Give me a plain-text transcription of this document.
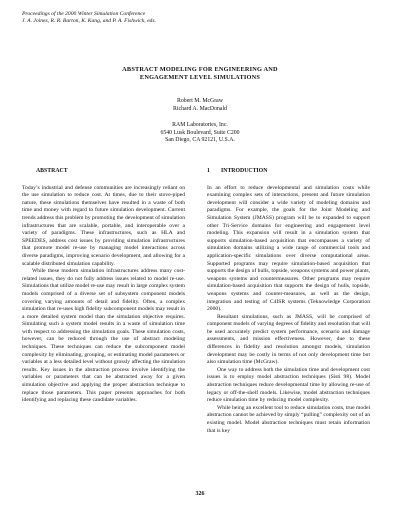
Proceedings of the 2000 Winter Simulation Conference
J. A. Joines, R. R. Barton, K. Kang, and P. A. Fishwick, eds.
ABSTRACT MODELING FOR ENGINEERING AND
ENGAGEMENT LEVEL SIMULATIONS
Robert M. McGraw
Richard A. MacDonald
RAM Laboratories, Inc.
6540 Lusk Boulevard, Suite C200
San Diego, CA 92121, U.S.A.
ABSTRACT

Today’s industrial and defense communities are increasingly reliant on the use simulation to reduce cost. At times, due to their stove-piped nature, these simulations themselves have resulted in a waste of both time and money with regard to future simulation development. Current trends address this problem by promoting the development of simulation infrastructures that are scalable, portable, and interoperable over a variety of paradigms. These infrastructures, such as HLA and SPEEDES, address cost issues by providing simulation infrastructures that promote model re-use by managing model interactions across diverse paradigms, improving scenario development, and allowing for a scalable distributed simulation capability.

While these modern simulation infrastructures address many cost-related issues, they do not fully address issues related to model re-use. Simulations that utilize model re-use may result in large complex system models comprised of a diverse set of subsystem component models covering varying amounts of detail and fidelity. Often, a complex simulation that re-uses high fidelity subcomponent models may result in a more detailed system model than the simulation objective requires. Simulating such a system model results in a waste of simulation time with respect to addressing the simulation goals. These simulation costs, however, can be reduced through the use of abstract modeling techniques. These techniques can reduce the subcomponent model complexity by eliminating, grouping, or estimating model parameters or variables at a less detailed level without grossly affecting the simulation results. Key issues in the abstraction process involve identifying the variables or parameters that can be abstracted away for a given simulation objective and applying the proper abstraction technique to replace those parameters. This paper presents approaches for both identifying and replacing these candidate variables.

1 INTRODUCTION

In an effort to reduce developmental and simulation costs while examining complex sets of interactions, present and future simulation development will consider a wide variety of modeling domains and paradigms. For example, the goals for the Joint Modeling and Simulation System (JMASS) program will be to expanded to support other Tri-Service domains for engineering and engagement level modeling. This expansion will result in a simulation system that supports simulation-based acquisition that encompasses a variety of simulation domains utilizing a wide range of commercial tools and application-specific simulations over diverse computational areas. Supported programs may require simulation-based acquisition that supports the design of hulls, topside, weapons systems and power plants, weapons systems and countermeasures. Other programs may require simulation-based acquisition that supports the design of hulls, topside, weapons systems and counter-measures, as well as the design, integration and testing of C4ISR systems (Teknowledge Corporation 2000).

Resultant simulations, such as JMASS, will be comprised of component models of varying degrees of fidelity and resolution that will be used accurately predict system performance, scenario and damage assessments, and mission effectiveness. However, due to these differences in fidelity and resolution amongst models, simulation development may be costly in terms of not only development time but also simulation time (McGraw).

One way to address both the simulation time and development cost issues is to employ model abstraction techniques (Sisti 98). Model abstraction techniques reduce developmental time by allowing re-use of legacy or off-the-shelf models. Likewise, model abstraction techniques reduce simulation time by reducing model complexity.

While being an excellent tool to reduce simulation costs, true model abstraction cannot be achieved by simply “pulling” complexity out of an existing model. Model abstraction techniques must retain information that is key

326
